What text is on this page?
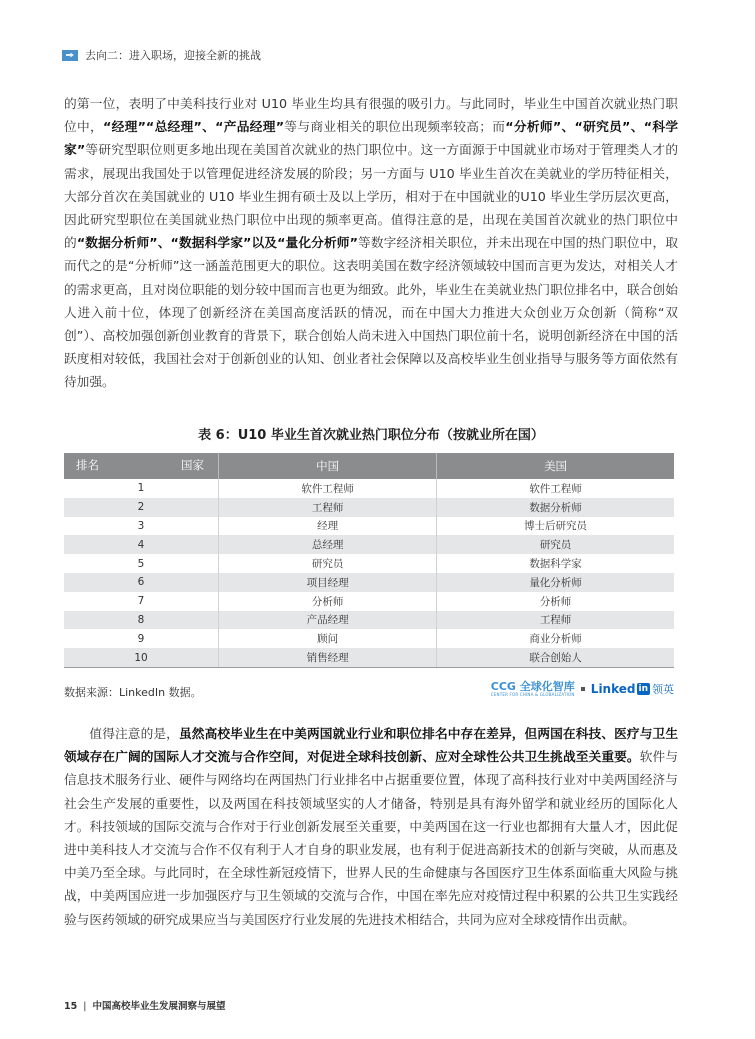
去向二：进入职场，迎接全新的挑战
的第一位，表明了中美科技行业对 U10 毕业生均具有很强的吸引力。与此同时，毕业生中国首次就业热门职位中，“经理”“总经理”、“产品经理”等与商业相关的职位出现频率较高；而“分析师”、“研究员”、“科学家”等研究型职位则更多地出现在美国首次就业的热门职位中。这一方面源于中国就业市场对于管理类人才的需求，展现出我国处于以管理促进经济发展的阶段；另一方面与 U10 毕业生首次在美就业的学历特征相关，大部分首次在美国就业的 U10 毕业生拥有硕士及以上学历，相对于在中国就业的U10 毕业生学历层次更高，因此研究型职位在美国就业热门职位中出现的频率更高。值得注意的是，出现在美国首次就业的热门职位中的“数据分析师”、“数据科学家”以及“量化分析师”等数字经济相关职位，并未出现在中国的热门职位中，取而代之的是“分析师”这一涵盖范围更大的职位。这表明美国在数字经济领域较中国而言更为发达，对相关人才的需求更高，且对岗位职能的划分较中国而言也更为细致。此外，毕业生在美就业热门职位排名中，联合创始人进入前十位，体现了创新经济在美国高度活跃的情况，而在中国大力推进大众创业万众创新（简称“双创”）、高校加强创新创业教育的背景下，联合创始人尚未进入中国热门职位前十名，说明创新经济在中国的活跃度相对较低，我国社会对于创新创业的认知、创业者社会保障以及高校毕业生创业指导与服务等方面依然有待加强。
表 6：U10 毕业生首次就业热门职位分布（按就业所在国）
排名 国家	中国	美国
1	软件工程师	软件工程师
2	工程师	数据分析师
3	经理	博士后研究员
4	总经理	研究员
5	研究员	数据科学家
6	项目经理	量化分析师
7	分析师	分析师
8	产品经理	工程师
9	顾问	商业分析师
10	销售经理	联合创始人
数据来源：LinkedIn 数据。	CCG 全球化智库
CENTER FOR CHINA & GLOBALIZATION Linked in 领英
值得注意的是，虽然高校毕业生在中美两国就业行业和职位排名中存在差异，但两国在科技、医疗与卫生领域存在广阔的国际人才交流与合作空间，对促进全球科技创新、应对全球性公共卫生挑战至关重要。软件与信息技术服务行业、硬件与网络均在两国热门行业排名中占据重要位置，体现了高科技行业对中美两国经济与社会生产发展的重要性，以及两国在科技领域坚实的人才储备，特别是具有海外留学和就业经历的国际化人才。科技领域的国际交流与合作对于行业创新发展至关重要，中美两国在这一行业也都拥有大量人才，因此促进中美科技人才交流与合作不仅有利于人才自身的职业发展，也有利于促进高新技术的创新与突破，从而惠及中美乃至全球。与此同时，在全球性新冠疫情下，世界人民的生命健康与各国医疗卫生体系面临重大风险与挑战，中美两国应进一步加强医疗与卫生领域的交流与合作，中国在率先应对疫情过程中积累的公共卫生实践经验与医药领域的研究成果应当与美国医疗行业发展的先进技术相结合，共同为应对全球疫情作出贡献。
15 | 中国高校毕业生发展洞察与展望
